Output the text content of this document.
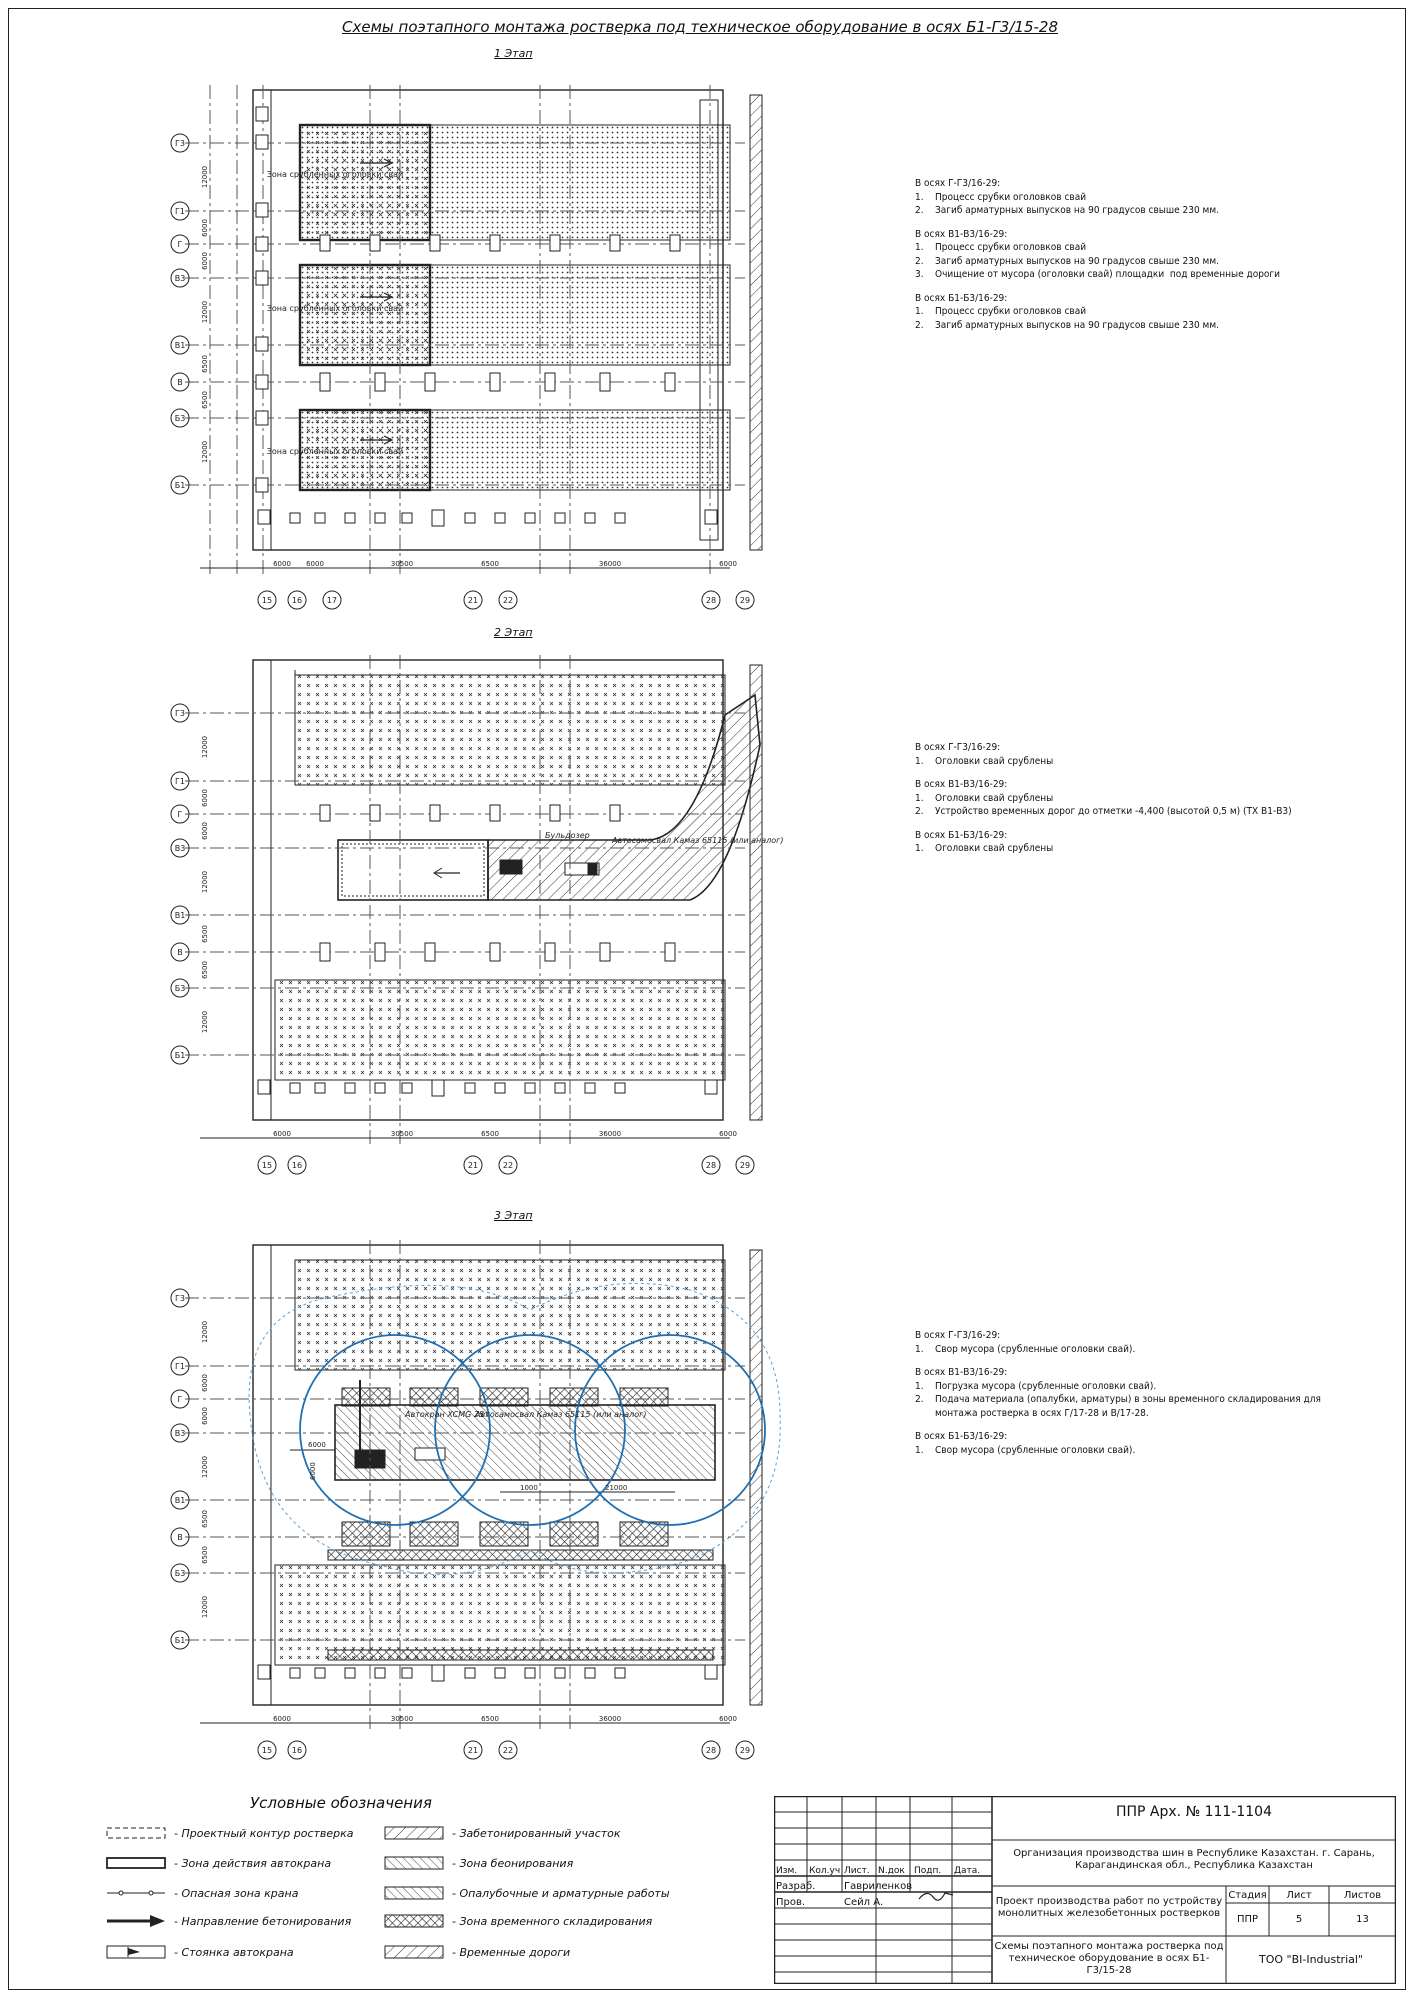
Схемы поэтапного монтажа ростверка под техническое оборудование в осях Б1-Г3/15-28
1 Этап
Зона срубленных оголовки свай
Зона срубленных оголовки свай
Зона срубленных оголовки свай
Г3
Г1
Г
В3
В1
В
Б3
Б1
15 16	17	21	22	28	29
6000 6000	30500	6500	36000	6000
12000
6000
6000
12000
6500
6500
12000
В осях Г-Г3/16-29:
1.    Процесс срубки оголовков свай
2.    Загиб арматурных выпусков на 90 градусов свыше 230 мм.
В осях В1-В3/16-29:
1.    Процесс срубки оголовков свай
2.    Загиб арматурных выпусков на 90 градусов свыше 230 мм.
3.    Очищение от мусора (оголовки свай) площадки  под временные дороги
В осях Б1-Б3/16-29:
1.    Процесс срубки оголовков свай
2.    Загиб арматурных выпусков на 90 градусов свыше 230 мм.
2 Этап
Бульдозер
Автосамосвал Камаз 65115 (или аналог)
Г3
Г1
Г
В3
В1
В
Б3
Б1
15 16	21	22	28	29
6000	30500	6500	36000	6000
12000
6000
6000
12000
6500
6500
12000
В осях Г-Г3/16-29:
1.    Оголовки свай срублены
В осях В1-В3/16-29:
1.    Оголовки свай срублены
2.    Устройство временных дорог до отметки -4,400 (высотой 0,5 м) (ТХ В1-В3)
В осях Б1-Б3/16-29:
1.    Оголовки свай срублены
3 Этап
Автокран XCMG 25т
Автосамосвал Камаз 65115 (или аналог)
6000
6000
1000	21000
Г3
Г1
Г
В3
В1
В
Б3
Б1
15 16	21	22	28	29
6000	30500	6500	36000	6000
12000
6000
6000
12000
6500
6500
12000
В осях Г-Г3/16-29:
1.    Свор мусора (срубленные оголовки свай).
В осях В1-В3/16-29:
1.    Погрузка мусора (срубленные оголовки свай).
2.    Подача материала (опалубки, арматуры) в зоны временного складирования для
монтажа ростверка в осях Г/17-28 и В/17-28.
В осях Б1-Б3/16-29:
1.    Свор мусора (срубленные оголовки свай).
Условные обозначения
- Проектный контур ростверка
- Зона действия автокрана
- Опасная зона крана
- Направление бетонирования
- Стоянка автокрана
- Забетонированный участок
- Зона беонирования
- Опалубочные и арматурные работы
- Зона временного складирования
- Временные дороги
ППР Арх. № 111-1104
Организация производства шин в Республике Казахстан. г. Сарань, Карагандинская обл., Республика Казахстан
Изм.	Кол.уч Лист. N.док	Подп.	Дата.
Разраб.	Гавриленков
Пров.	Сейл А.	Проект производства работ по устройству монолитных железобетонных ростверков
Стадия	Лист	Листов
ППР	5	13
Схемы поэтапного монтажа ростверка под техническое оборудование в осях Б1-Г3/15-28
ТОО "BI-Industrial"
